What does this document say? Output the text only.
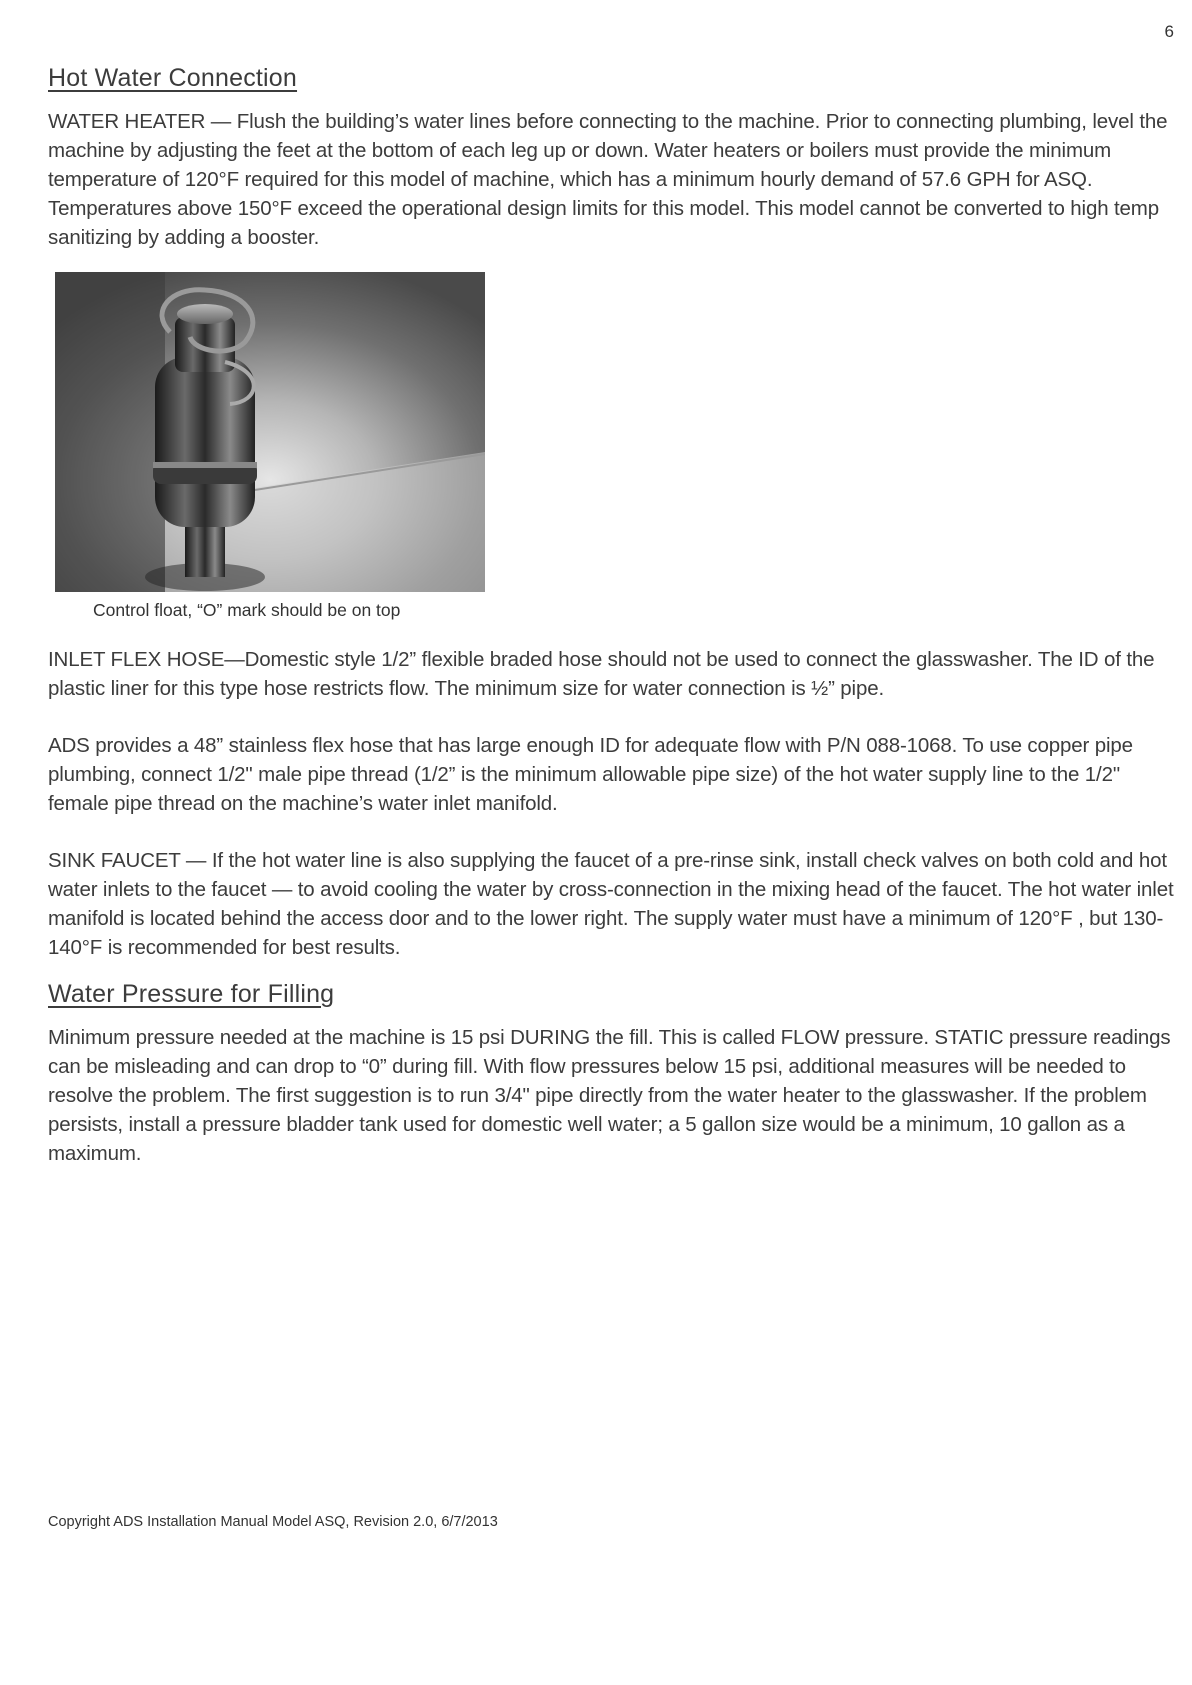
6
Hot Water Connection

WATER HEATER — Flush the building’s water lines before connecting to the machine. Prior to connecting plumbing, level the machine by adjusting the feet at the bottom of each leg up or down. Water heaters or boilers must provide the minimum temperature of 120°F required for this model of machine, which has a minimum hourly demand of 57.6 GPH for ASQ. Temperatures above 150°F exceed the operational design limits for this model. This model cannot be converted to high temp sanitizing by adding a booster.

Control float, “O” mark should be on top

INLET FLEX HOSE—Domestic style 1/2” flexible braded hose should not be used to connect the glasswasher. The ID of the plastic liner for this type hose restricts flow. The minimum size for water connection is ½” pipe.

ADS provides a 48” stainless flex hose that has large enough ID for adequate flow with P/N 088-1068. To use copper pipe plumbing, connect 1/2" male pipe thread (1/2” is the minimum allowable pipe size) of the hot water supply line to the 1/2" female pipe thread on the machine’s water inlet manifold.

SINK FAUCET — If the hot water line is also supplying the faucet of a pre-rinse sink, install check valves on both cold and hot water inlets to the faucet — to avoid cooling the water by cross-connection in the mixing head of the faucet. The hot water inlet manifold is located behind the access door and to the lower right. The supply water must have a minimum of 120°F , but 130-140°F is recommended for best results.

Water Pressure for Filling

Minimum pressure needed at the machine is 15 psi DURING the fill. This is called FLOW pressure. STATIC pressure readings can be misleading and can drop to “0” during fill. With flow pressures below 15 psi, additional measures will be needed to resolve the problem. The first suggestion is to run 3/4" pipe directly from the water heater to the glasswasher. If the problem persists, install a pressure bladder tank used for domestic well water; a 5 gallon size would be a minimum, 10 gallon as a maximum.

Copyright ADS Installation Manual Model ASQ, Revision 2.0, 6/7/2013
